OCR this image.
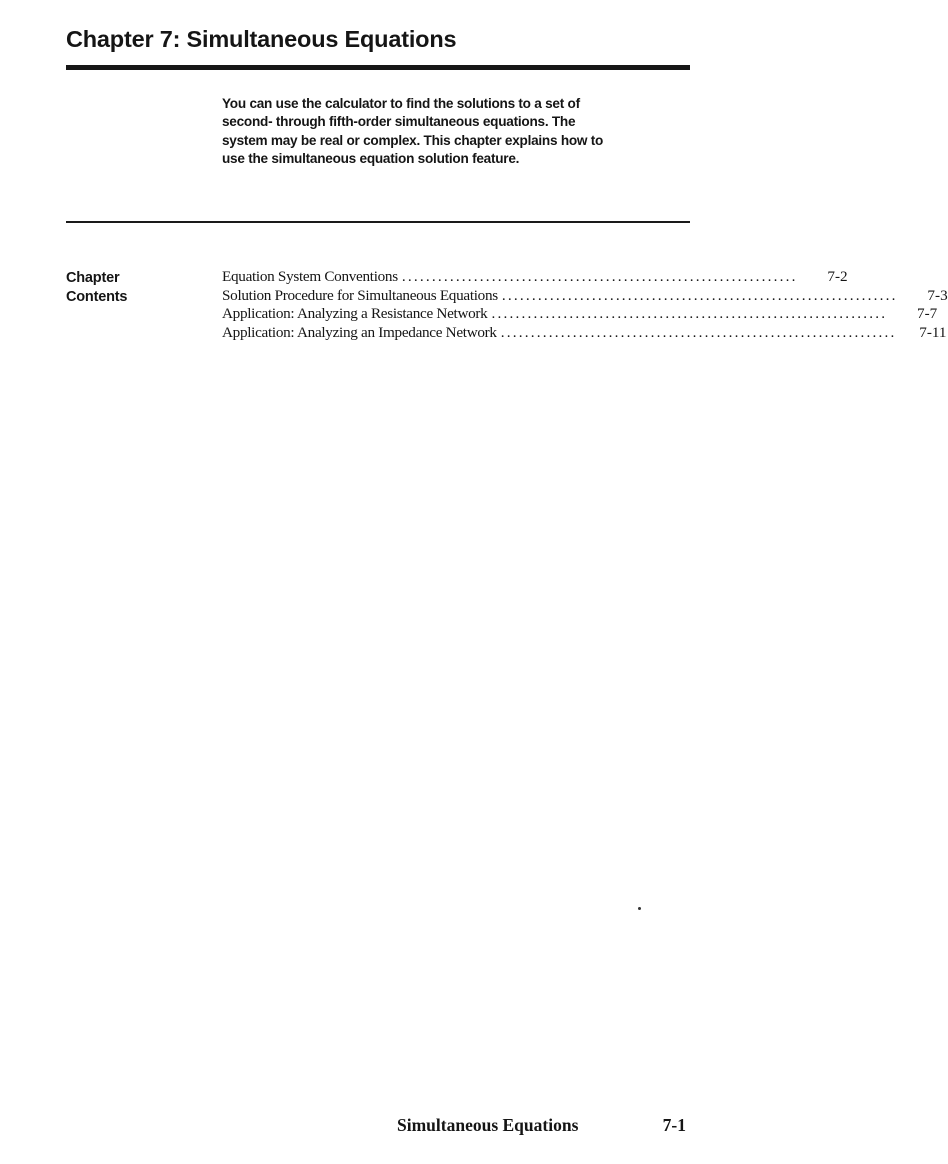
Chapter 7: Simultaneous Equations
You can use the calculator to find the solutions to a set of
second- through fifth-order simultaneous equations. The
system may be real or complex. This chapter explains how to
use the simultaneous equation solution feature.
Chapter
Contents
Equation System Conventions ..................................................................	7-2
Solution Procedure for Simultaneous Equations ..................................................................	7-3
Application: Analyzing a Resistance Network ..................................................................	7-7
Application: Analyzing an Impedance Network ..................................................................	7-11
Simultaneous Equations	7-1
